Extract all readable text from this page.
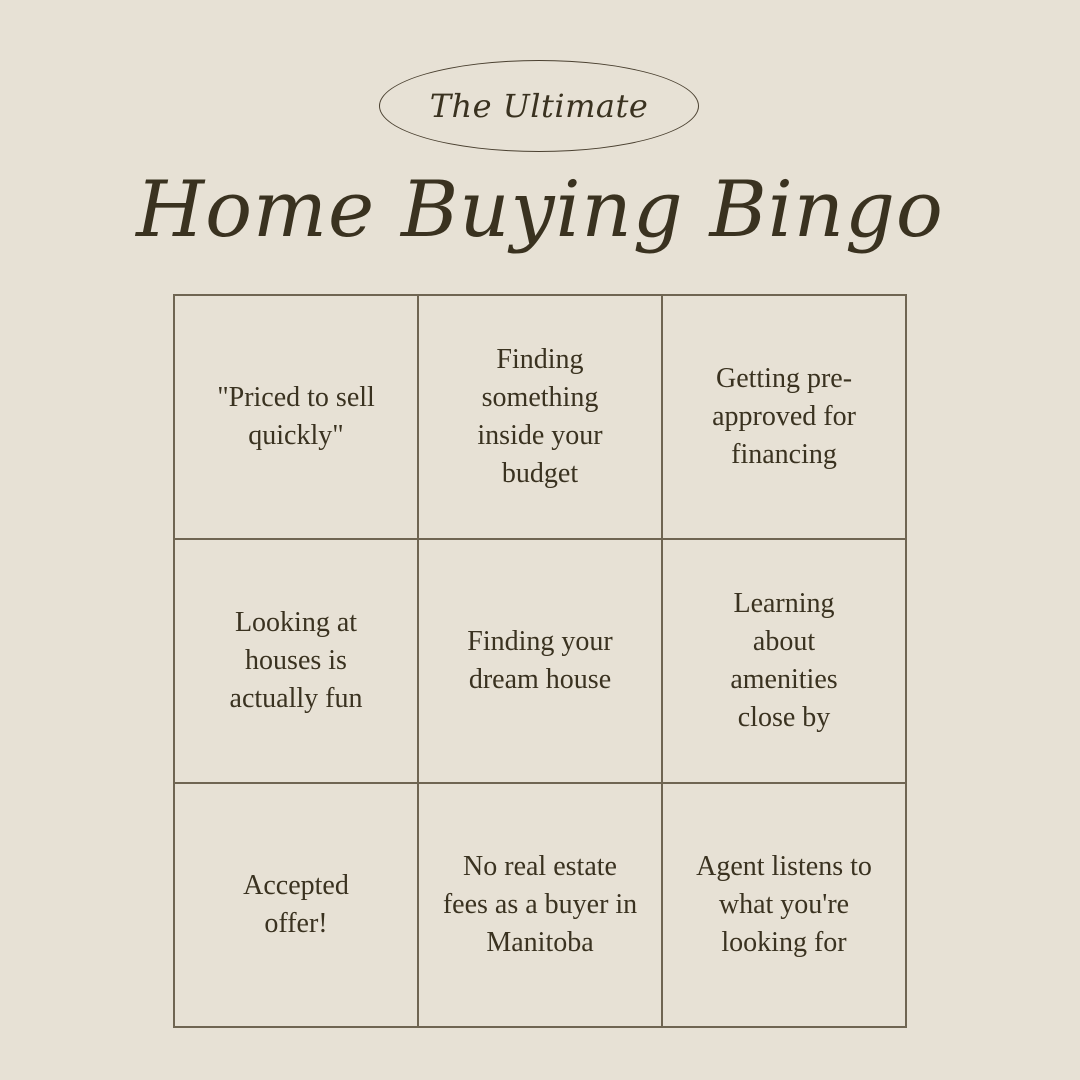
The Ultimate
Home Buying Bingo
"Priced to sell quickly"
Finding something inside your budget
Getting pre-approved for financing
Looking at houses is actually fun
Finding your dream house
Learning about amenities close by
Accepted offer!
No real estate fees as a buyer in Manitoba
Agent listens to what you're looking for
